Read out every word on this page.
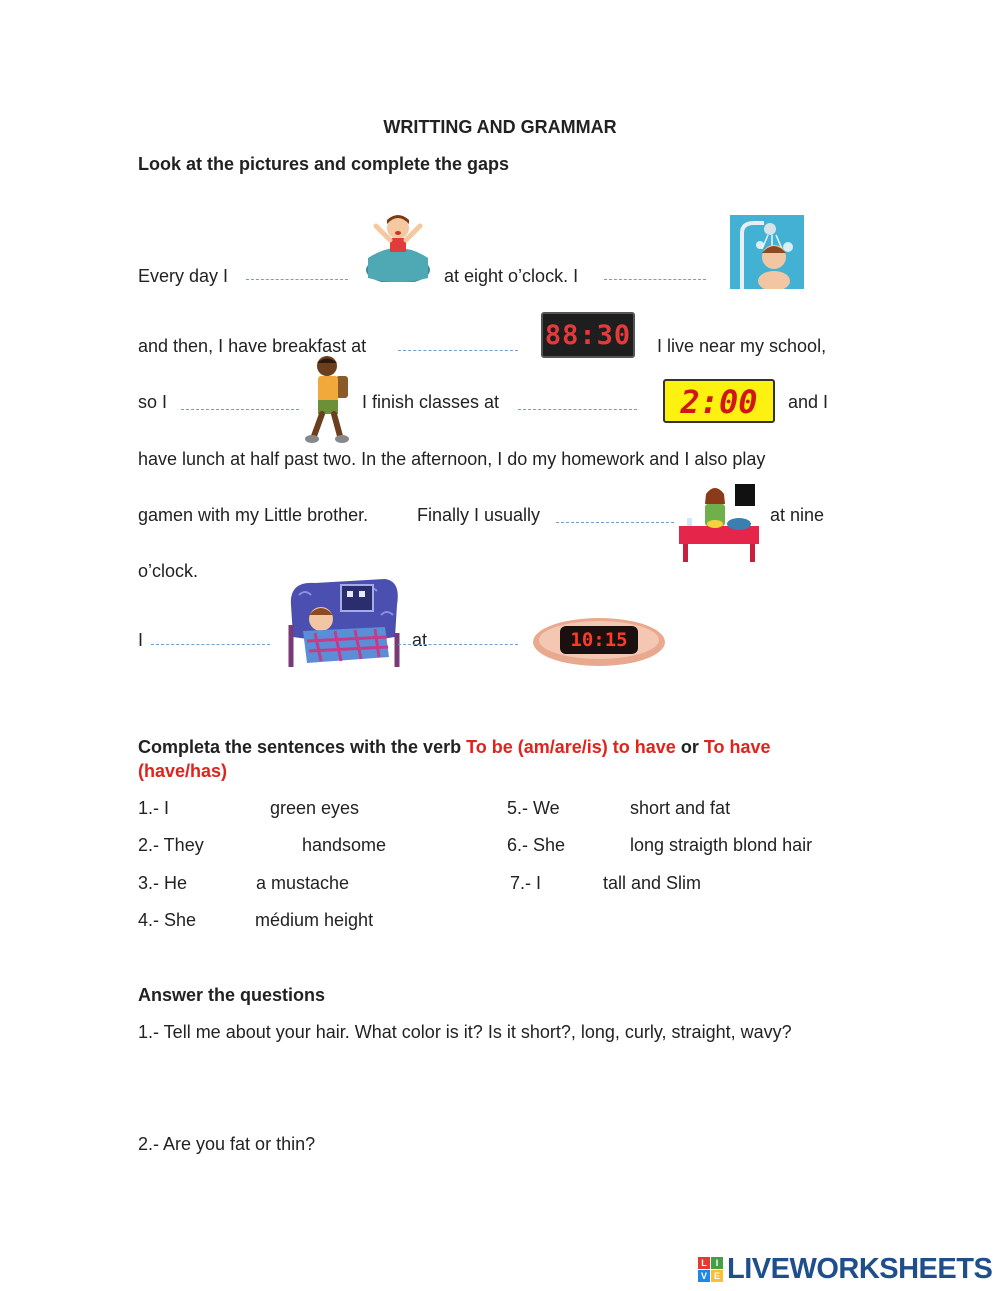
WRITTING AND GRAMMAR
Look at the pictures and complete the gaps
Every day I	at eight o’clock. I
and then, I have breakfast at	88:30 I live near my school,
so I	I finish classes at	2:00	and I
have lunch at half past two. In the afternoon, I do my homework and I also play
gamen with my Little brother.	Finally I usually	at nine
o’clock.
I	at	10:15
Completa the sentences with the verb To be (am/are/is) to have or To have
(have/has)
1.- I	green eyes
2.- They	handsome
3.- He	a mustache
4.- She	médium height
5.- We	short and fat
6.- She	long straigth blond hair
7.- I	tall and Slim
Answer the questions
1.- Tell me about your hair. What color is it? Is it short?, long, curly, straight, wavy?
2.- Are you fat or thin?
L I
V E LIVEWORKSHEETS
